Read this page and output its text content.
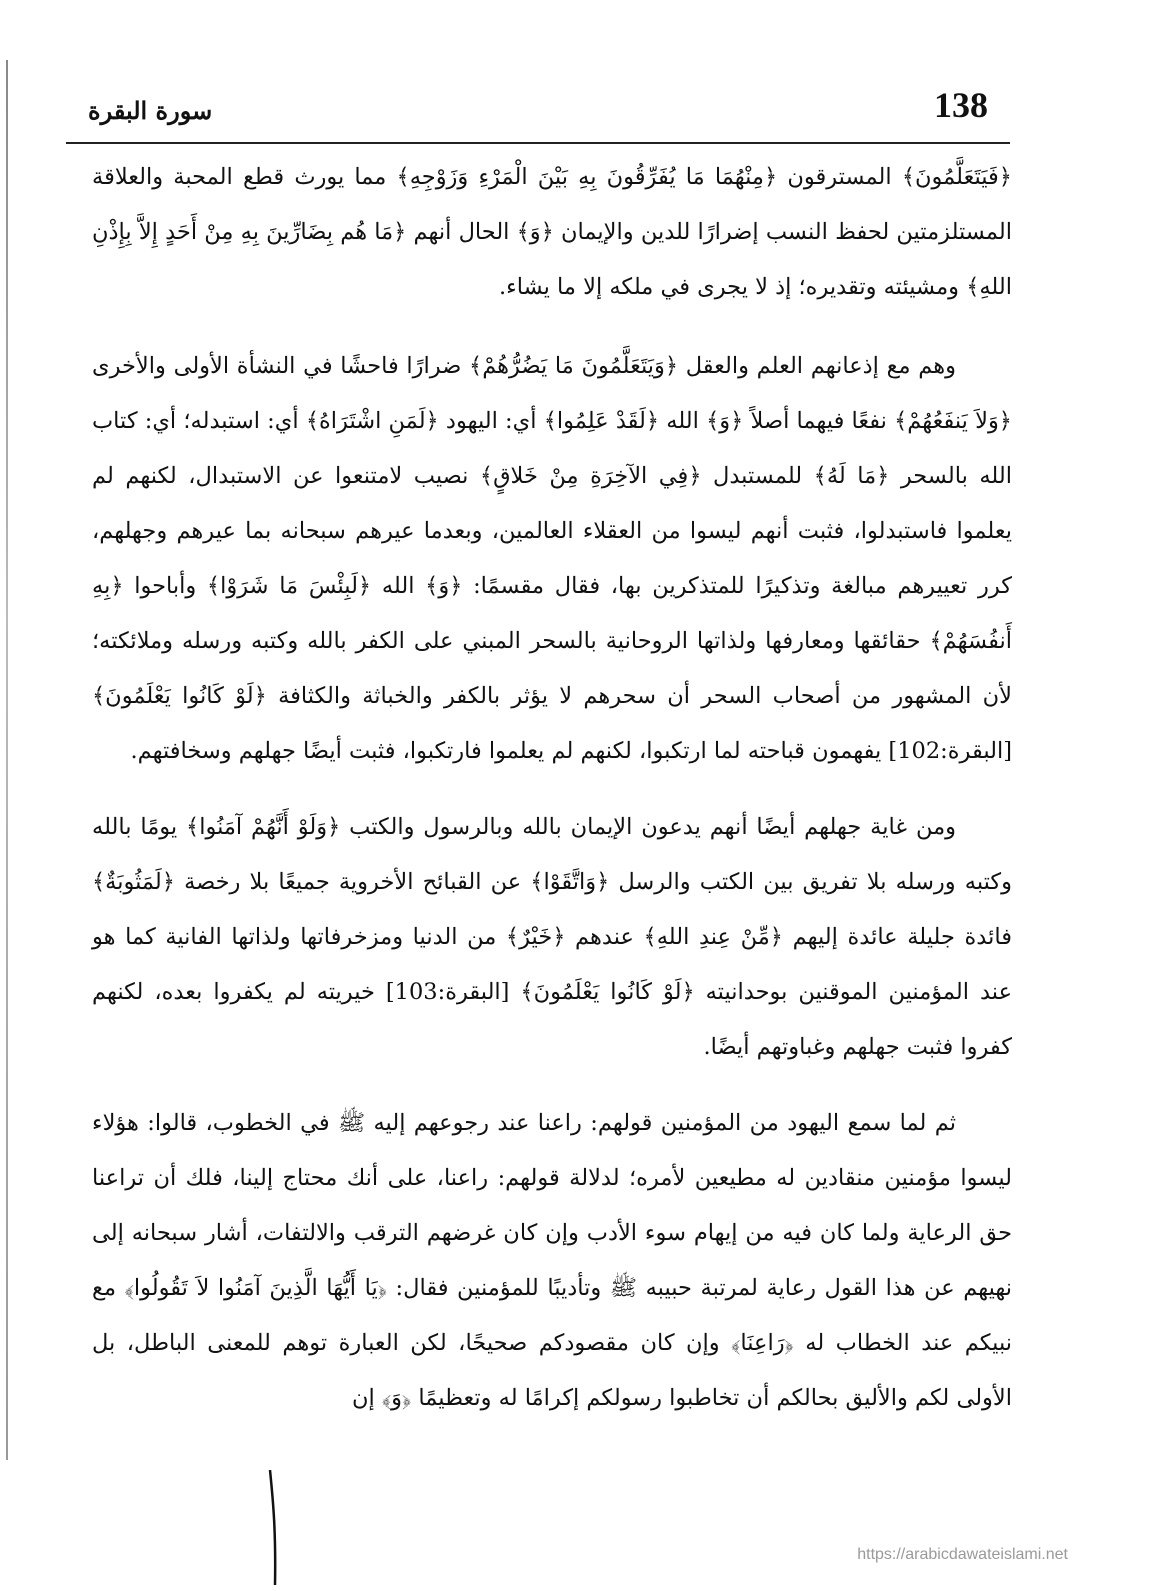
138
سورة البقرة

﴿فَيَتَعَلَّمُونَ﴾ المسترقون ﴿مِنْهُمَا مَا يُفَرِّقُونَ بِهِ بَيْنَ الْمَرْءِ وَزَوْجِهِ﴾ مما يورث قطع المحبة والعلاقة المستلزمتين لحفظ النسب إضرارًا للدين والإيمان ﴿وَ﴾ الحال أنهم ﴿مَا هُم بِضَارِّينَ بِهِ مِنْ أَحَدٍ إِلاَّ بِإِذْنِ اللهِ﴾ ومشيئته وتقديره؛ إذ لا يجرى في ملكه إلا ما يشاء.

وهم مع إذعانهم العلم والعقل ﴿وَيَتَعَلَّمُونَ مَا يَضُرُّهُمْ﴾ ضرارًا فاحشًا في النشأة الأولى والأخرى ﴿وَلاَ يَنفَعُهُمْ﴾ نفعًا فيهما أصلاً ﴿وَ﴾ الله ﴿لَقَدْ عَلِمُوا﴾ أي: اليهود ﴿لَمَنِ اشْتَرَاهُ﴾ أي: استبدله؛ أي: كتاب الله بالسحر ﴿مَا لَهُ﴾ للمستبدل ﴿فِي الآخِرَةِ مِنْ خَلاقٍ﴾ نصيب لامتنعوا عن الاستبدال، لكنهم لم يعلموا فاستبدلوا، فثبت أنهم ليسوا من العقلاء العالمين، وبعدما عيرهم سبحانه بما عيرهم وجهلهم، كرر تعييرهم مبالغة وتذكيرًا للمتذكرين بها، فقال مقسمًا: ﴿وَ﴾ الله ﴿لَبِئْسَ مَا شَرَوْا﴾ وأباحوا ﴿بِهِ أَنفُسَهُمْ﴾ حقائقها ومعارفها ولذاتها الروحانية بالسحر المبني على الكفر بالله وكتبه ورسله وملائكته؛ لأن المشهور من أصحاب السحر أن سحرهم لا يؤثر بالكفر والخباثة والكثافة ﴿لَوْ كَانُوا يَعْلَمُونَ﴾ [البقرة:102] يفهمون قباحته لما ارتكبوا، لكنهم لم يعلموا فارتكبوا، فثبت أيضًا جهلهم وسخافتهم.

ومن غاية جهلهم أيضًا أنهم يدعون الإيمان بالله وبالرسول والكتب ﴿وَلَوْ أَنَّهُمْ آمَنُوا﴾ يومًا بالله وكتبه ورسله بلا تفريق بين الكتب والرسل ﴿وَاتَّقَوْا﴾ عن القبائح الأخروية جميعًا بلا رخصة ﴿لَمَثُوبَةٌ﴾ فائدة جليلة عائدة إليهم ﴿مِّنْ عِندِ اللهِ﴾ عندهم ﴿خَيْرٌ﴾ من الدنيا ومزخرفاتها ولذاتها الفانية كما هو عند المؤمنين الموقنين بوحدانيته ﴿لَوْ كَانُوا يَعْلَمُونَ﴾ [البقرة:103] خيريته لم يكفروا بعده، لكنهم كفروا فثبت جهلهم وغباوتهم أيضًا.

ثم لما سمع اليهود من المؤمنين قولهم: راعنا عند رجوعهم إليه ﷺ في الخطوب، قالوا: هؤلاء ليسوا مؤمنين منقادين له مطيعين لأمره؛ لدلالة قولهم: راعنا، على أنك محتاج إلينا، فلك أن تراعنا حق الرعاية ولما كان فيه من إيهام سوء الأدب وإن كان غرضهم الترقب والالتفات، أشار سبحانه إلى نهيهم عن هذا القول رعاية لمرتبة حبيبه ﷺ وتأديبًا للمؤمنين فقال: ﴿يَا أَيُّهَا الَّذِينَ آمَنُوا لاَ تَقُولُوا﴾ مع نبيكم عند الخطاب له ﴿رَاعِنَا﴾ وإن كان مقصودكم صحيحًا، لكن العبارة توهم للمعنى الباطل، بل الأولى لكم والأليق بحالكم أن تخاطبوا رسولكم إكرامًا له وتعظيمًا ﴿وَ﴾ إن

https://arabicdawateislami.net
